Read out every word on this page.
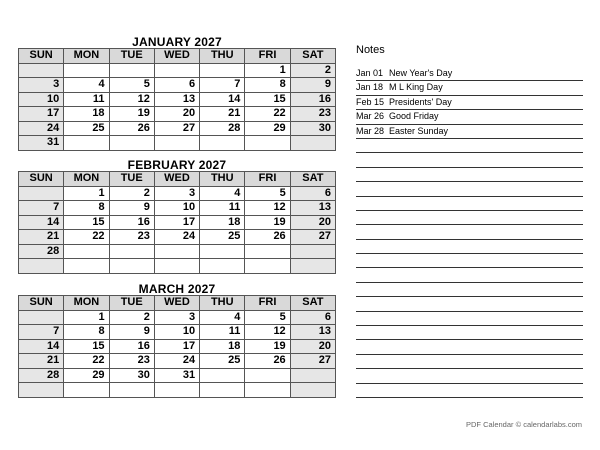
JANUARY 2027
SUN	MON	TUE	WED	THU	FRI	SAT
					1	2
3	4	5	6	7	8	9
10	11	12	13	14	15	16
17	18	19	20	21	22	23
24	25	26	27	28	29	30
31						
FEBRUARY 2027
SUN	MON	TUE	WED	THU	FRI	SAT
	1	2	3	4	5	6
7	8	9	10	11	12	13
14	15	16	17	18	19	20
21	22	23	24	25	26	27
28						

MARCH 2027
SUN	MON	TUE	WED	THU	FRI	SAT
	1	2	3	4	5	6
7	8	9	10	11	12	13
14	15	16	17	18	19	20
21	22	23	24	25	26	27
28	29	30	31			

Notes
Jan 01 New Year's Day
Jan 18 M L King Day
Feb 15 Presidents' Day
Mar 26 Good Friday
Mar 28 Easter Sunday
PDF Calendar © calendarlabs.com
